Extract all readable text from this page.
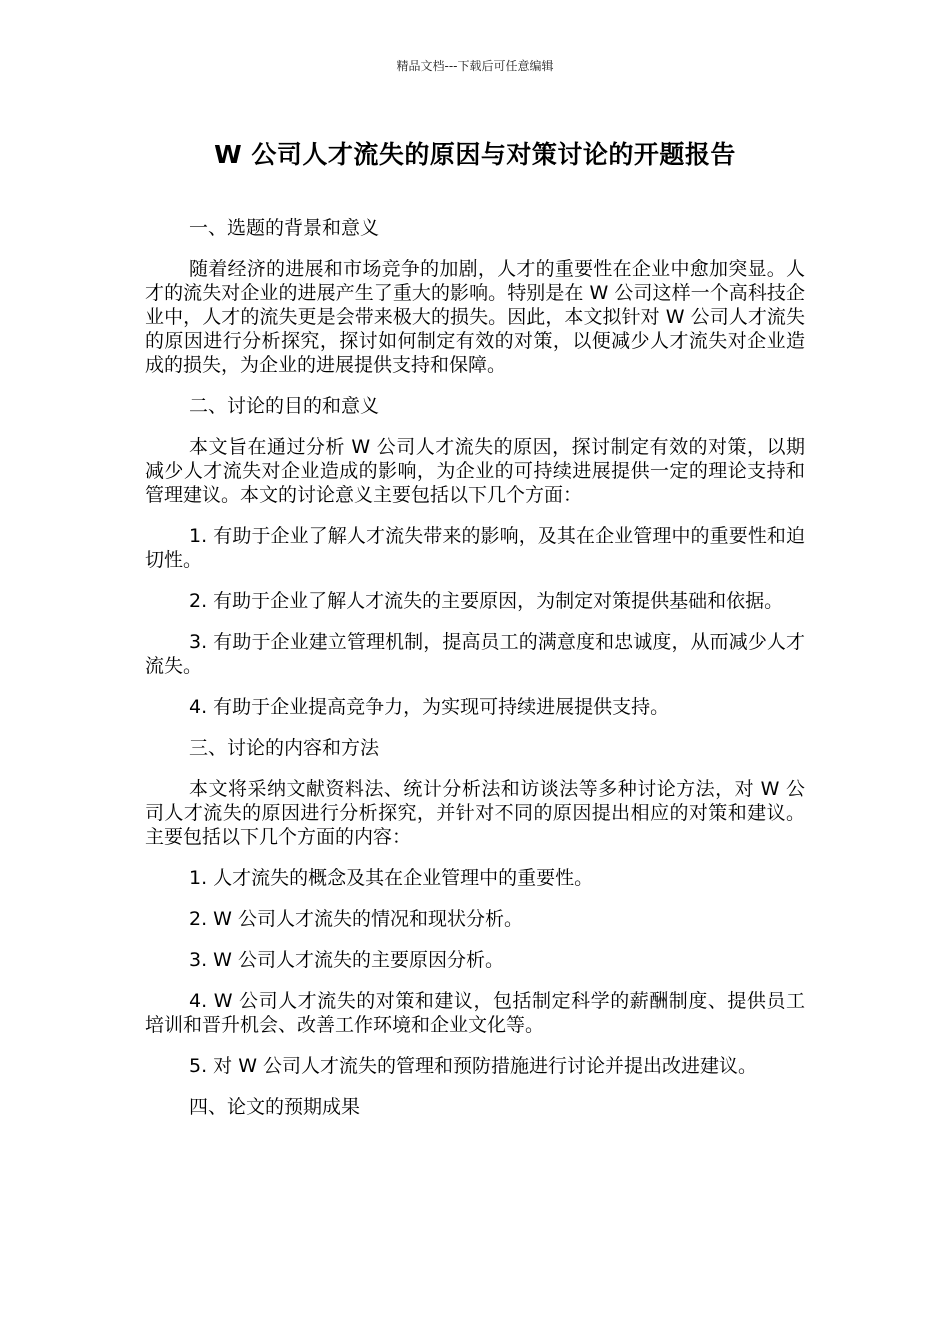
精品文档---下载后可任意编辑
W 公司人才流失的原因与对策讨论的开题报告

一、选题的背景和意义

随着经济的进展和市场竞争的加剧，人才的重要性在企业中愈加突显。人才的流失对企业的进展产生了重大的影响。特别是在 W 公司这样一个高科技企业中，人才的流失更是会带来极大的损失。因此，本文拟针对 W 公司人才流失的原因进行分析探究，探讨如何制定有效的对策，以便减少人才流失对企业造成的损失，为企业的进展提供支持和保障。

二、讨论的目的和意义

本文旨在通过分析 W 公司人才流失的原因，探讨制定有效的对策，以期减少人才流失对企业造成的影响，为企业的可持续进展提供一定的理论支持和管理建议。本文的讨论意义主要包括以下几个方面：

1. 有助于企业了解人才流失带来的影响，及其在企业管理中的重要性和迫切性。

2. 有助于企业了解人才流失的主要原因，为制定对策提供基础和依据。

3. 有助于企业建立管理机制，提高员工的满意度和忠诚度，从而减少人才流失。

4. 有助于企业提高竞争力，为实现可持续进展提供支持。

三、讨论的内容和方法

本文将采纳文献资料法、统计分析法和访谈法等多种讨论方法，对 W 公司人才流失的原因进行分析探究，并针对不同的原因提出相应的对策和建议。主要包括以下几个方面的内容：

1. 人才流失的概念及其在企业管理中的重要性。

2. W 公司人才流失的情况和现状分析。

3. W 公司人才流失的主要原因分析。

4. W 公司人才流失的对策和建议，包括制定科学的薪酬制度、提供员工培训和晋升机会、改善工作环境和企业文化等。

5. 对 W 公司人才流失的管理和预防措施进行讨论并提出改进建议。

四、论文的预期成果
